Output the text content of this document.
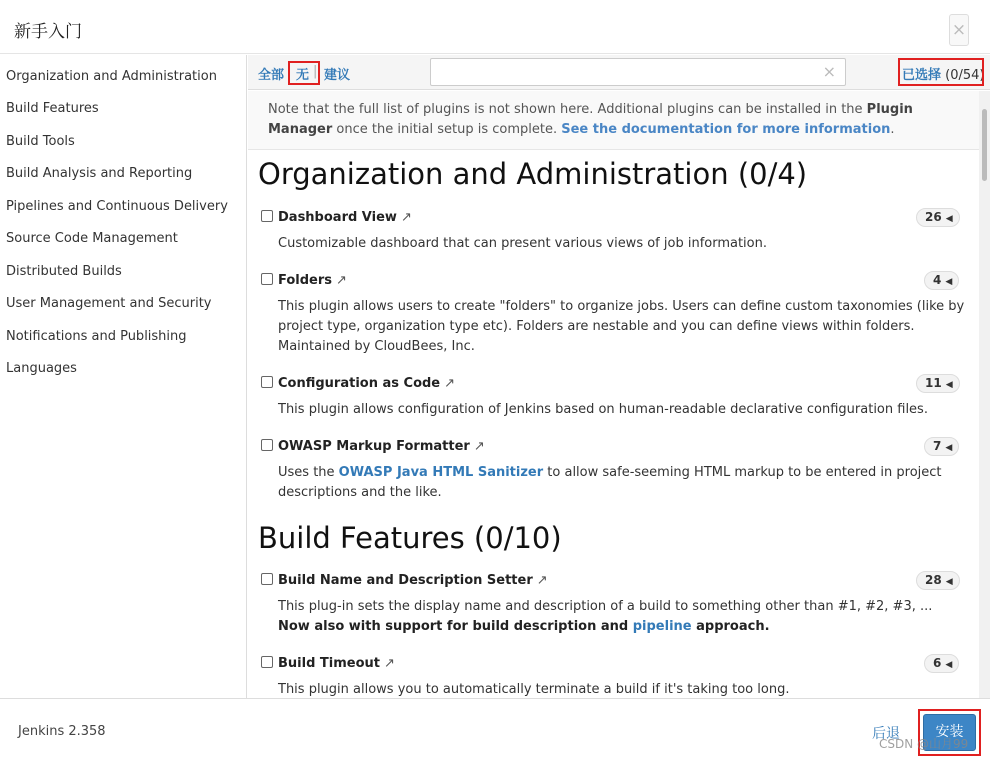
新手入门	×
Organization and Administration
Build Features
Build Tools
Build Analysis and Reporting
Pipelines and Continuous Delivery
Source Code Management
Distributed Builds
User Management and Security
Notifications and Publishing
Languages
全部 | 无 | 建议	×	已选择 (0/54)
Note that the full list of plugins is not shown here. Additional plugins can be installed in the Plugin Manager once the initial setup is complete. See the documentation for more information.
Organization and Administration (0/4)
Dashboard View ↗	26 ◀
Customizable dashboard that can present various views of job information.
Folders ↗	4 ◀
This plugin allows users to create "folders" to organize jobs. Users can define custom taxonomies (like by project type, organization type etc). Folders are nestable and you can define views within folders. Maintained by CloudBees, Inc.
Configuration as Code ↗	11 ◀
This plugin allows configuration of Jenkins based on human-readable declarative configuration files.
OWASP Markup Formatter ↗	7 ◀
Uses the OWASP Java HTML Sanitizer to allow safe-seeming HTML markup to be entered in project descriptions and the like.
Build Features (0/10)
Build Name and Description Setter ↗	28 ◀
This plug-in sets the display name and description of a build to something other than #1, #2, #3, ...
Now also with support for build description and pipeline approach.
Build Timeout ↗	6 ◀
This plugin allows you to automatically terminate a build if it's taking too long.
Jenkins 2.358	后退	安装
CSDN @山月99
